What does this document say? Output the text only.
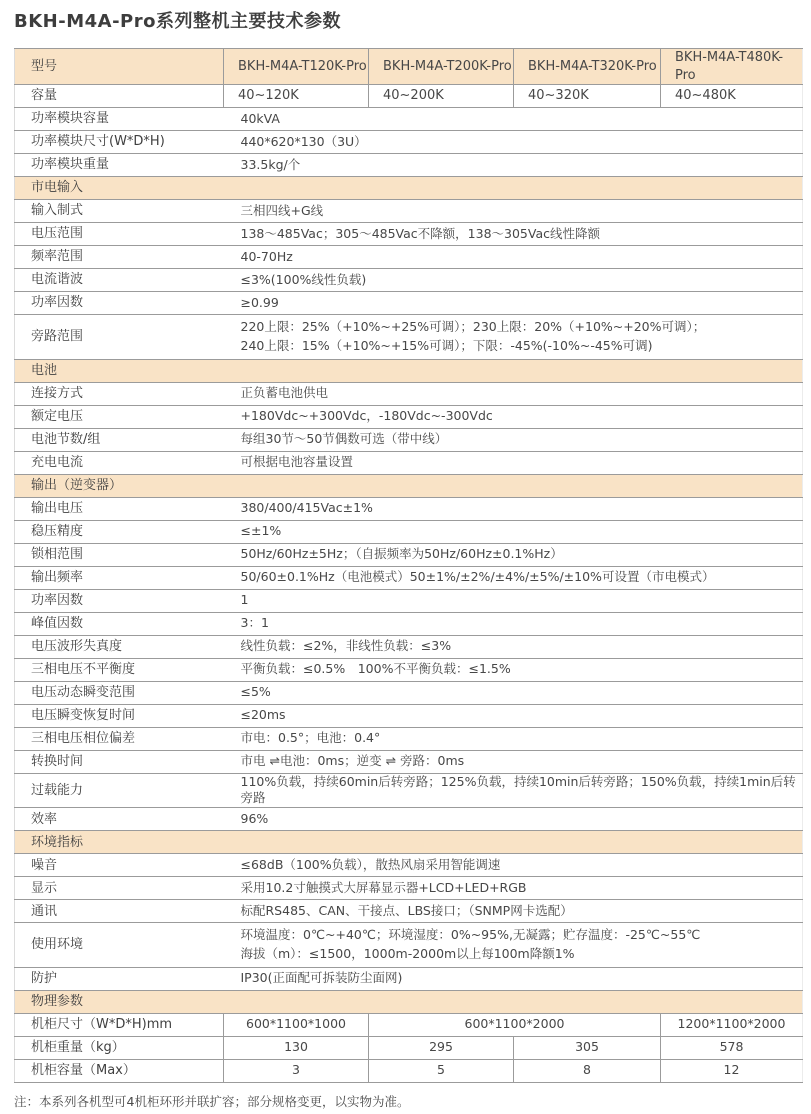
BKH-M4A-Pro系列整机主要技术参数
型号	BKH-M4A-T120K-Pro	BKH-M4A-T200K-Pro	BKH-M4A-T320K-Pro	BKH-M4A-T480K-Pro
容量	40~120K	40~200K	40~320K	40~480K
功率模块容量	40kVA			
功率模块尺寸(W*D*H)	440*620*130（3U）			
功率模块重量	33.5kg/个			
市电输入				
输入制式	三相四线+G线			
电压范围	138～485Vac；305～485Vac不降额，138～305Vac线性降额			
频率范围	40-70Hz			
电流谐波	≤3%(100%线性负载)			
功率因数	≥0.99			
旁路范围	220上限：25%（+10%~+25%可调）；230上限：20%（+10%~+20%可调）；
240上限：15%（+10%~+15%可调）；下限：-45%(-10%~-45%可调)			

电池				
连接方式	正负蓄电池供电			
额定电压	+180Vdc~+300Vdc，-180Vdc~-300Vdc			
电池节数/组	每组30节～50节偶数可选（带中线）			
充电电流	可根据电池容量设置			
输出（逆变器）				
输出电压	380/400/415Vac±1%			
稳压精度	≤±1%			
锁相范围	50Hz/60Hz±5Hz；（自振频率为50Hz/60Hz±0.1%Hz）			
输出频率	50/60±0.1%Hz（电池模式）50±1%/±2%/±4%/±5%/±10%可设置（市电模式）			
功率因数	1			
峰值因数	3：1			
电压波形失真度	线性负载：≤2%，非线性负载：≤3%			
三相电压不平衡度	平衡负载：≤0.5%　100%不平衡负载：≤1.5%			
电压动态瞬变范围	≤5%			
电压瞬变恢复时间	≤20ms			
三相电压相位偏差	市电：0.5°；电池：0.4°			
转换时间	市电 ⇌电池：0ms；逆变 ⇌ 旁路：0ms			
过载能力	110%负载，持续60min后转旁路；125%负载，持续10min后转旁路；150%负载，持续1min后转旁路			
效率	96%			
环境指标				
噪音	≤68dB（100%负载），散热风扇采用智能调速			
显示	采用10.2寸触摸式大屏幕显示器+LCD+LED+RGB			
通讯	标配RS485、CAN、干接点、LBS接口；（SNMP网卡选配）			
使用环境	环境温度：0℃~+40℃；环境湿度：0%~95%,无凝露；贮存温度：-25℃~55℃
海拔（m）：≤1500，1000m-2000m以上每100m降额1%			

防护	IP30(正面配可拆装防尘面网)			
物理参数				
机柜尺寸（W*D*H)mm	600*1100*1000	600*1100*2000		1200*1100*2000
机柜重量（kg）	130	295	305	578
机柜容量（Max）	3	5	8	12

注：本系列各机型可4机柜环形并联扩容；部分规格变更，以实物为准。
